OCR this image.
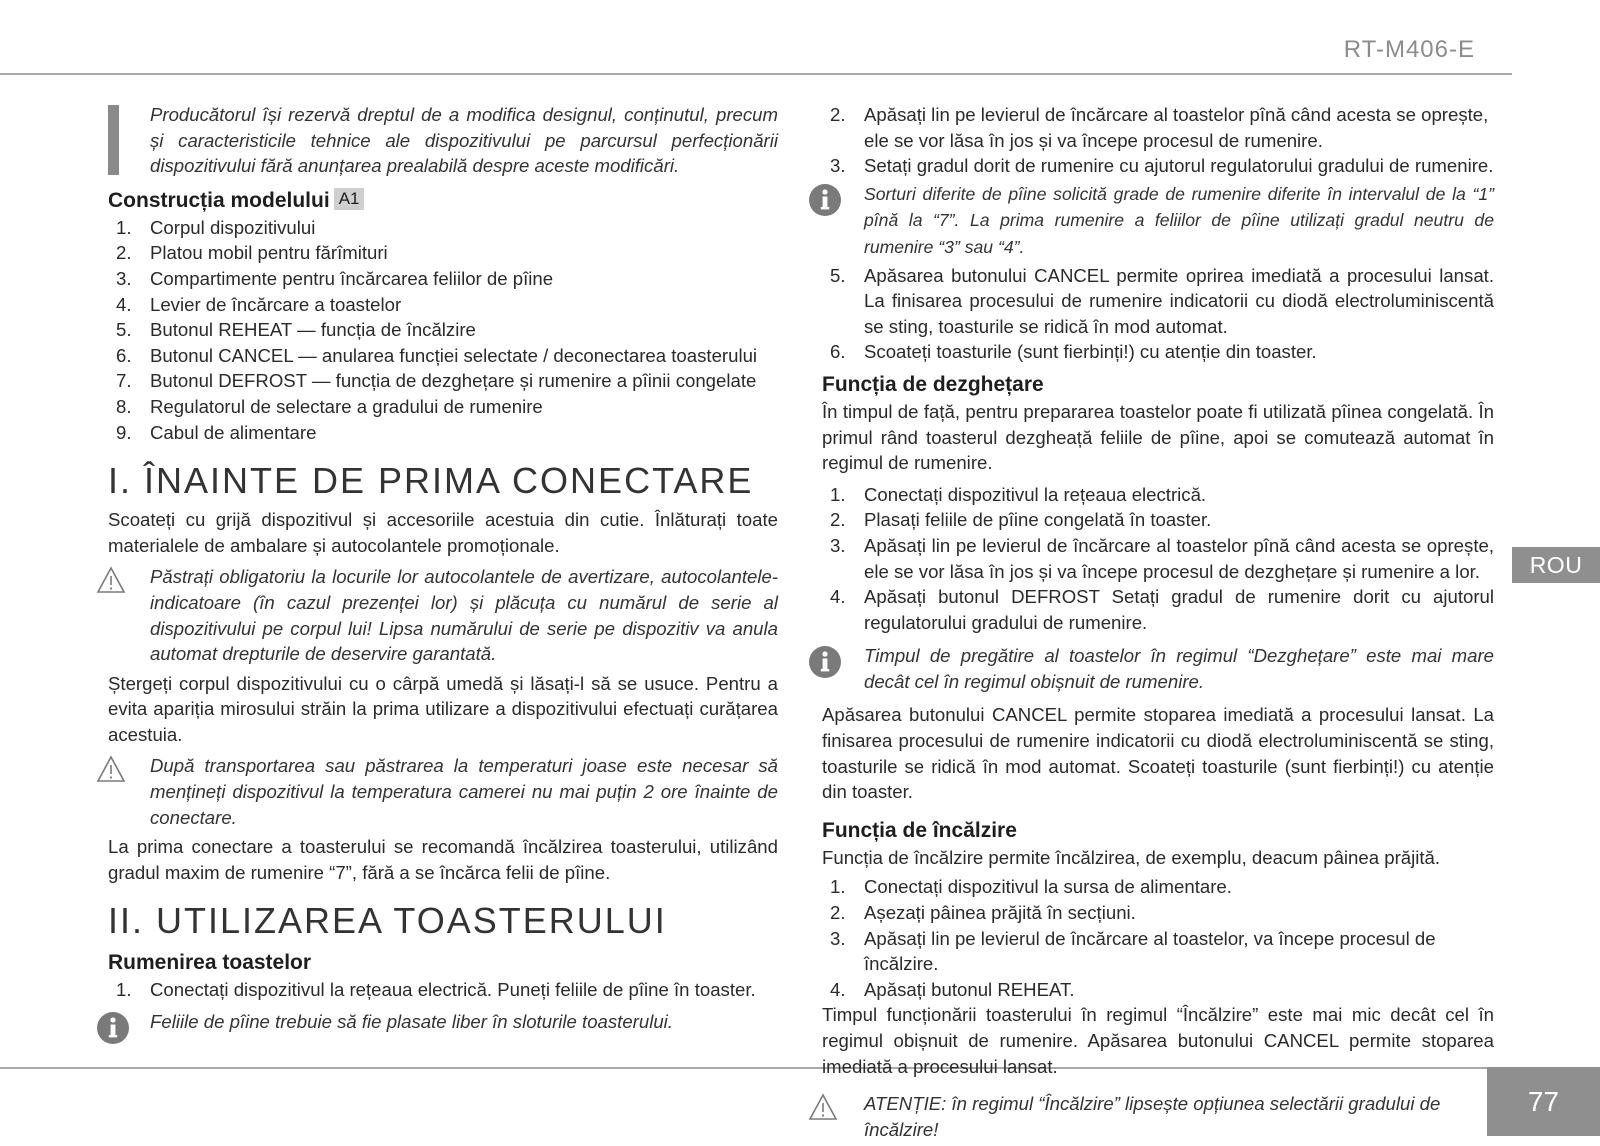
RT-M406-E
ROU
77
Producătorul își rezervă dreptul de a modifica designul, conținutul, precum și caracteristicile tehnice ale dispozitivului pe parcursul perfecționării dispozitivului fără anunțarea prealabilă despre aceste modificări.
Construcția modelului A1
1. Corpul dispozitivului
2. Platou mobil pentru fărîmituri
3. Compartimente pentru încărcarea feliilor de pîine
4. Levier de încărcare a toastelor
5. Butonul REHEAT — funcția de încălzire
6. Butonul CANCEL — anularea funcției selectate / deconectarea toasterului
7. Butonul DEFROST — funcția de dezghețare și rumenire a pîinii congelate
8. Regulatorul de selectare a gradului de rumenire
9. Cabul de alimentare
I. ÎNAINTE DE PRIMA CONECTARE

Scoateți cu grijă dispozitivul și accesoriile acestuia din cutie. Înlăturați toate materialele de ambalare și autocolantele promoționale.

Păstrați obligatoriu la locurile lor autocolantele de avertizare, autocolantele-indicatoare (în cazul prezenței lor) și plăcuța cu numărul de serie al dispozitivului pe corpul lui! Lipsa numărului de serie pe dispozitiv va anula automat drepturile de deservire garantată.

Ștergeți corpul dispozitivului cu o cârpă umedă și lăsați-l să se usuce. Pentru a evita apariția mirosului străin la prima utilizare a dispozitivului efectuați curățarea acestuia.

După transportarea sau păstrarea la temperaturi joase este necesar să mențineți dispozitivul la temperatura camerei nu mai puțin 2 ore înainte de conectare.

La prima conectare a toasterului se recomandă încălzirea toasterului, utilizând gradul maxim de rumenire “7”, fără a se încărca felii de pîine.

II. UTILIZAREA TOASTERULUI
Rumenirea toastelor
1. Conectați dispozitivul la rețeaua electrică. Puneți feliile de pîine în toaster.
Feliile de pîine trebuie să fie plasate liber în sloturile toasterului.
2. Apăsați lin pe levierul de încărcare al toastelor pînă când acesta se oprește, ele se vor lăsa în jos și va începe procesul de rumenire.
3. Setați gradul dorit de rumenire cu ajutorul regulatorului gradului de rumenire.
Sorturi diferite de pîine solicită grade de rumenire diferite în intervalul de la “1” pînă la “7”. La prima rumenire a feliilor de pîine utilizați gradul neutru de rumenire “3” sau “4”.
5. Apăsarea butonului CANCEL permite oprirea imediată a procesului lansat. La finisarea procesului de rumenire indicatorii cu diodă electroluminiscentă se sting, toasturile se ridică în mod automat.
6. Scoateți toasturile (sunt fierbinți!) cu atenție din toaster.
Funcția de dezghețare

În timpul de față, pentru prepararea toastelor poate fi utilizată pîinea congelată. În primul rând toasterul dezgheață feliile de pîine, apoi se comutează automat în regimul de rumenire.

1. Conectați dispozitivul la rețeaua electrică.
2. Plasați feliile de pîine congelată în toaster.
3. Apăsați lin pe levierul de încărcare al toastelor pînă când acesta se oprește, ele se vor lăsa în jos și va începe procesul de dezghețare și rumenire a lor.
4. Apăsați butonul DEFROST Setați gradul de rumenire dorit cu ajutorul regulatorului gradului de rumenire.
Timpul de pregătire al toastelor în regimul “Dezghețare” este mai mare decât cel în regimul obișnuit de rumenire.

Apăsarea butonului CANCEL permite stoparea imediată a procesului lansat. La finisarea procesului de rumenire indicatorii cu diodă electroluminiscentă se sting, toasturile se ridică în mod automat. Scoateți toasturile (sunt fierbinți!) cu atenție din toaster.

Funcția de încălzire

Funcția de încălzire permite încălzirea, de exemplu, deacum pâinea prăjită.

1. Conectați dispozitivul la sursa de alimentare.
2. Așezați pâinea prăjită în secțiuni.
3. Apăsați lin pe levierul de încărcare al toastelor, va începe procesul de încălzire.
4. Apăsați butonul REHEAT.

Timpul funcționării toasterului în regimul “Încălzire” este mai mic decât cel în regimul obișnuit de rumenire. Apăsarea butonului CANCEL permite stoparea imediată a procesului lansat.

ATENȚIE: în regimul “Încălzire” lipsește opțiunea selectării gradului de încălzire!
